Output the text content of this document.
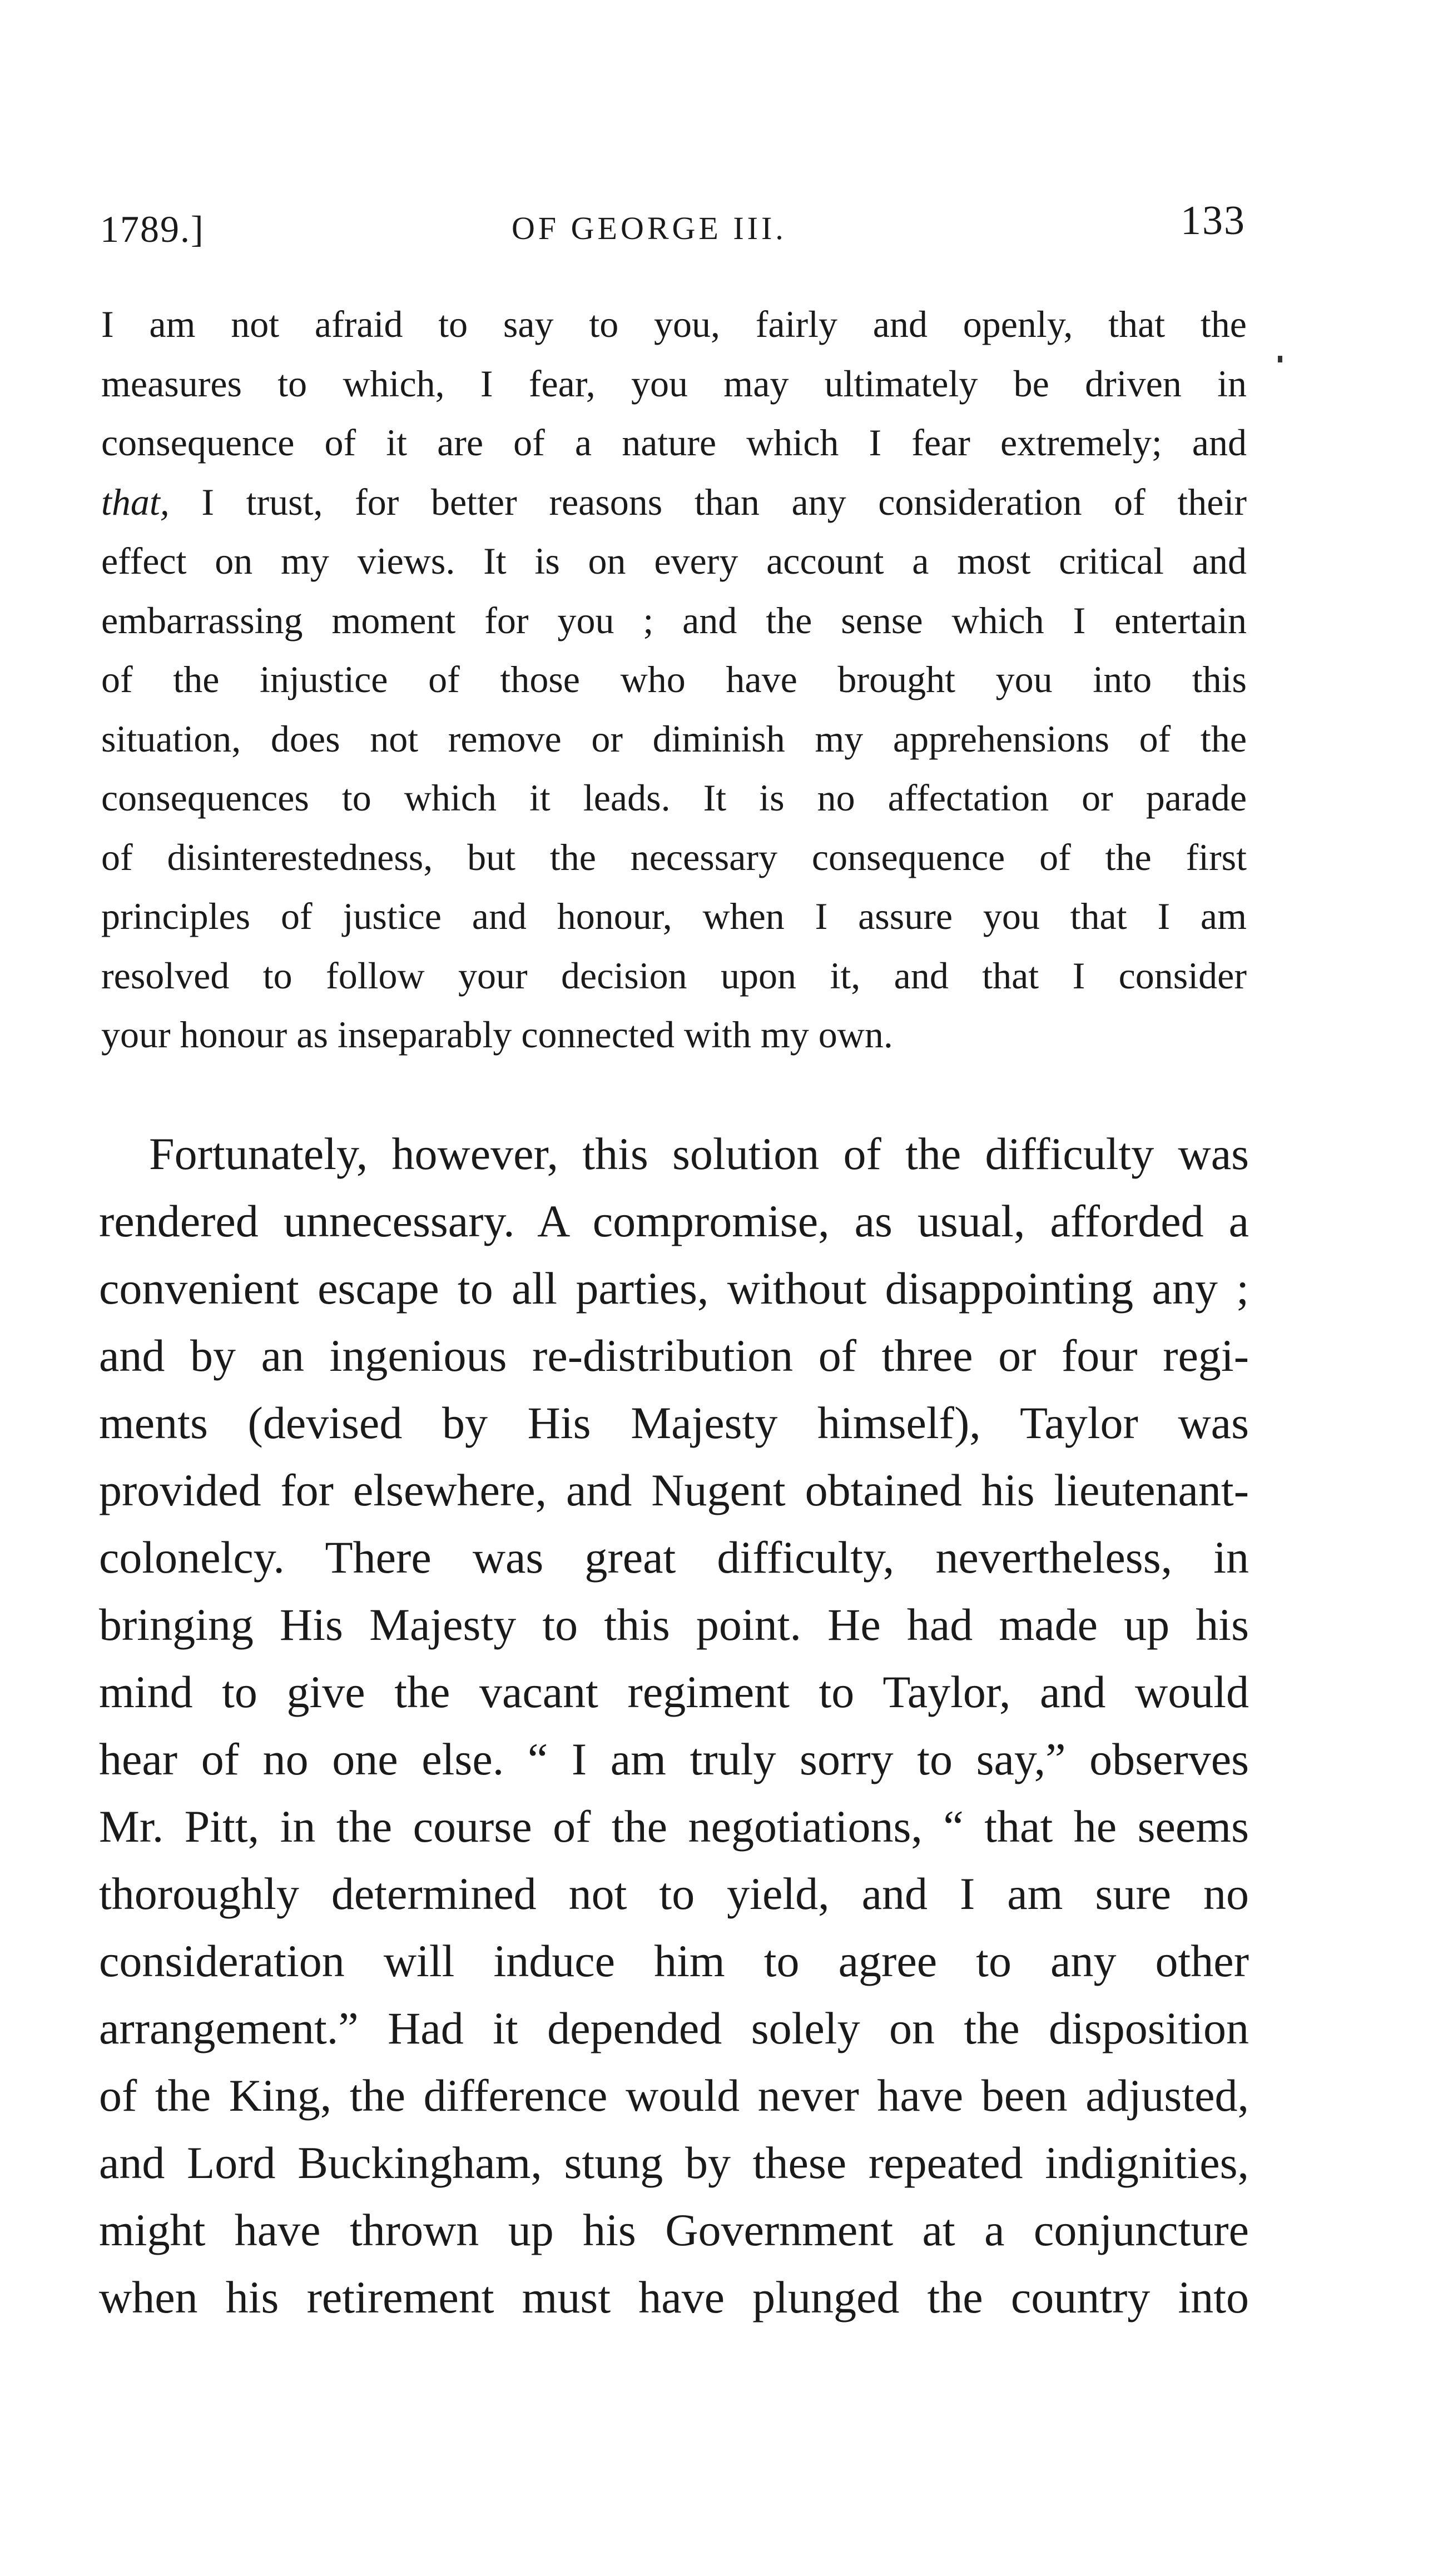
1789.]	OF GEORGE III.	133
I am not afraid to say to you, fairly and openly, that the
measures to which, I fear, you may ultimately be driven in
consequence of it are of a nature which I fear extremely; and
that, I trust, for better reasons than any consideration of their
effect on my views. It is on every account a most critical and
embarrassing moment for you ; and the sense which I entertain
of the injustice of those who have brought you into this
situation, does not remove or diminish my apprehensions of the
consequences to which it leads. It is no affectation or parade
of disinterestedness, but the necessary consequence of the first
principles of justice and honour, when I assure you that I am
resolved to follow your decision upon it, and that I consider
your honour as inseparably connected with my own.
Fortunately, however, this solution of the difficulty was
rendered unnecessary. A compromise, as usual, afforded a
convenient escape to all parties, without disappointing any ;
and by an ingenious re-distribution of three or four regi-
ments (devised by His Majesty himself), Taylor was
provided for elsewhere, and Nugent obtained his lieutenant-
colonelcy. There was great difficulty, nevertheless, in
bringing His Majesty to this point. He had made up his
mind to give the vacant regiment to Taylor, and would
hear of no one else. “ I am truly sorry to say,” observes
Mr. Pitt, in the course of the negotiations, “ that he seems
thoroughly determined not to yield, and I am sure no
consideration will induce him to agree to any other
arrangement.” Had it depended solely on the disposition
of the King, the difference would never have been adjusted,
and Lord Buckingham, stung by these repeated indignities,
might have thrown up his Government at a conjuncture
when his retirement must have plunged the country into
